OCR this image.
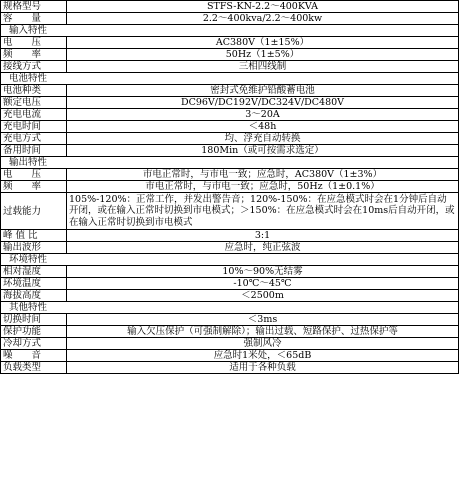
规格型号	STFS-KN-2.2～400KVA
容　　量	2.2～400kva/2.2～400kw
输入特性	
电　　压	AC380V（1±15%）
频　　率	50Hz（1±5%）
接线方式	三相四线制
电池特性	
电池种类	密封式免维护铅酸蓄电池
额定电压	DC96V/DC192V/DC324V/DC480V
充电电流	3～20A
充电时间	＜48h
充电方式	均、浮充自动转换
备用时间	180Min（或可按需求选定）
输出特性	
电　　压	市电正常时，与市电一致；应急时，AC380V（1±3%）
频　　率	市电正常时，与市电一致；应急时，50Hz（1±0.1%）
过载能力	105%-120%：正常工作，并发出警告音；120%-150%：在应急模式时会在1分钟后自动开闭，或在输入正常时切换到市电模式；＞150%：在应急模式时会在10ms后自动开闭，或在输入正常时切换到市电模式
峰 值 比	3:1
输出波形	应急时，纯正弦波
环境特性	
相对湿度	10%～90%无结雾
环境温度	-10℃～45℃
海拔高度	＜2500m
其他特性	
切换时间	＜3ms
保护功能	输入欠压保护（可强制解除）；输出过载、短路保护、过热保护等
冷却方式	强制风冷
噪　　音	应急时1米处，＜65dB
负载类型	适用于各种负载
